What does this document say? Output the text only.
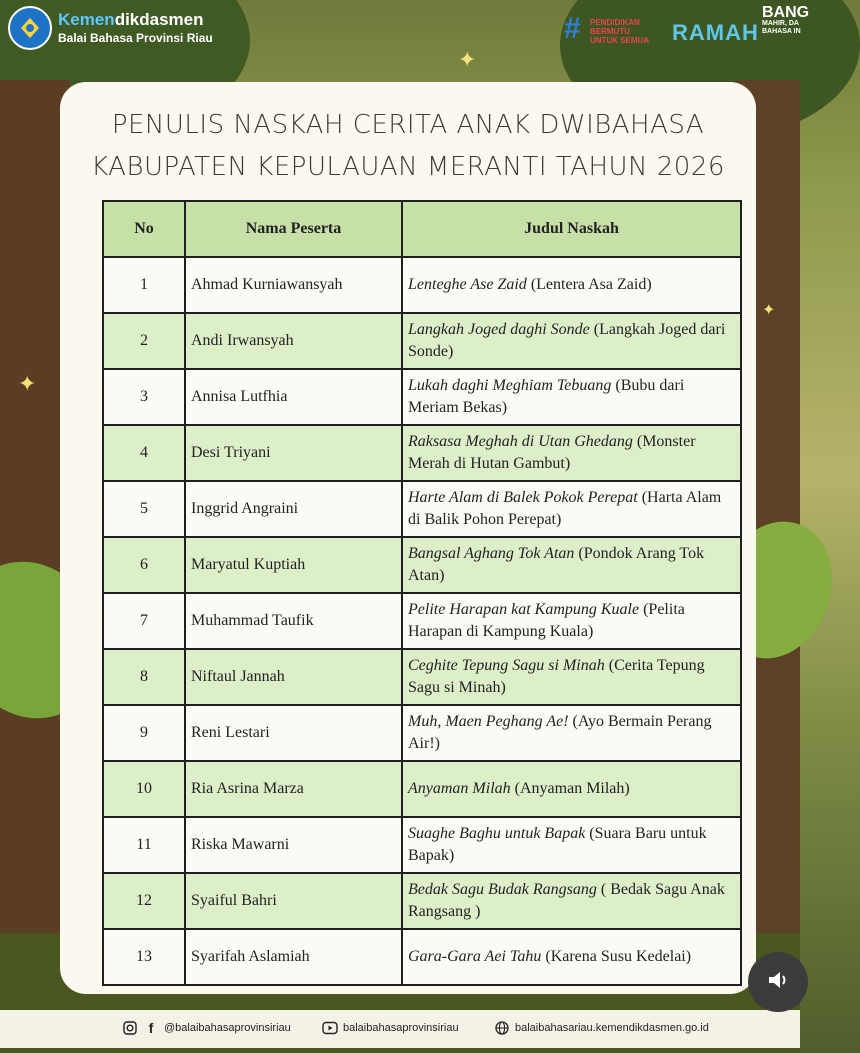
✦
✦
✦
Kemendikdasmen
Balai Bahasa Provinsi Riau	# PENDIDIKAN BERMUTU UNTUK SEMUA	RAMAH
BANG
MAHIR, DA
BAHASA IN
PENULIS NASKAH CERITA ANAK DWIBAHASA
KABUPATEN KEPULAUAN MERANTI TAHUN 2026
No	Nama Peserta	Judul Naskah
1	Ahmad Kurniawansyah	Lenteghe Ase Zaid (Lentera Asa Zaid)
2	Andi Irwansyah	Langkah Joged daghi Sonde (Langkah Joged dari Sonde)
3	Annisa Lutfhia	Lukah daghi Meghiam Tebuang (Bubu dari Meriam Bekas)
4	Desi Triyani	Raksasa Meghah di Utan Ghedang (Monster Merah di Hutan Gambut)
5	Inggrid Angraini	Harte Alam di Balek Pokok Perepat (Harta Alam di Balik Pohon Perepat)
6	Maryatul Kuptiah	Bangsal Aghang Tok Atan (Pondok Arang Tok Atan)
7	Muhammad Taufik	Pelite Harapan kat Kampung Kuale (Pelita Harapan di Kampung Kuala)
8	Niftaul Jannah	Ceghite Tepung Sagu si Minah (Cerita Tepung Sagu si Minah)
9	Reni Lestari	Muh, Maen Peghang Ae! (Ayo Bermain Perang Air!)
10	Ria Asrina Marza	Anyaman Milah (Anyaman Milah)
11	Riska Mawarni	Suaghe Baghu untuk Bapak (Suara Baru untuk Bapak)
12	Syaiful Bahri	Bedak Sagu Budak Rangsang ( Bedak Sagu Anak Rangsang )
13	Syarifah Aslamiah	Gara-Gara Aei Tahu (Karena Susu Kedelai)
f @balaibahasaprovinsiriau	balaibahasaprovinsiriau	balaibahasariau.kemendikdasmen.go.id
